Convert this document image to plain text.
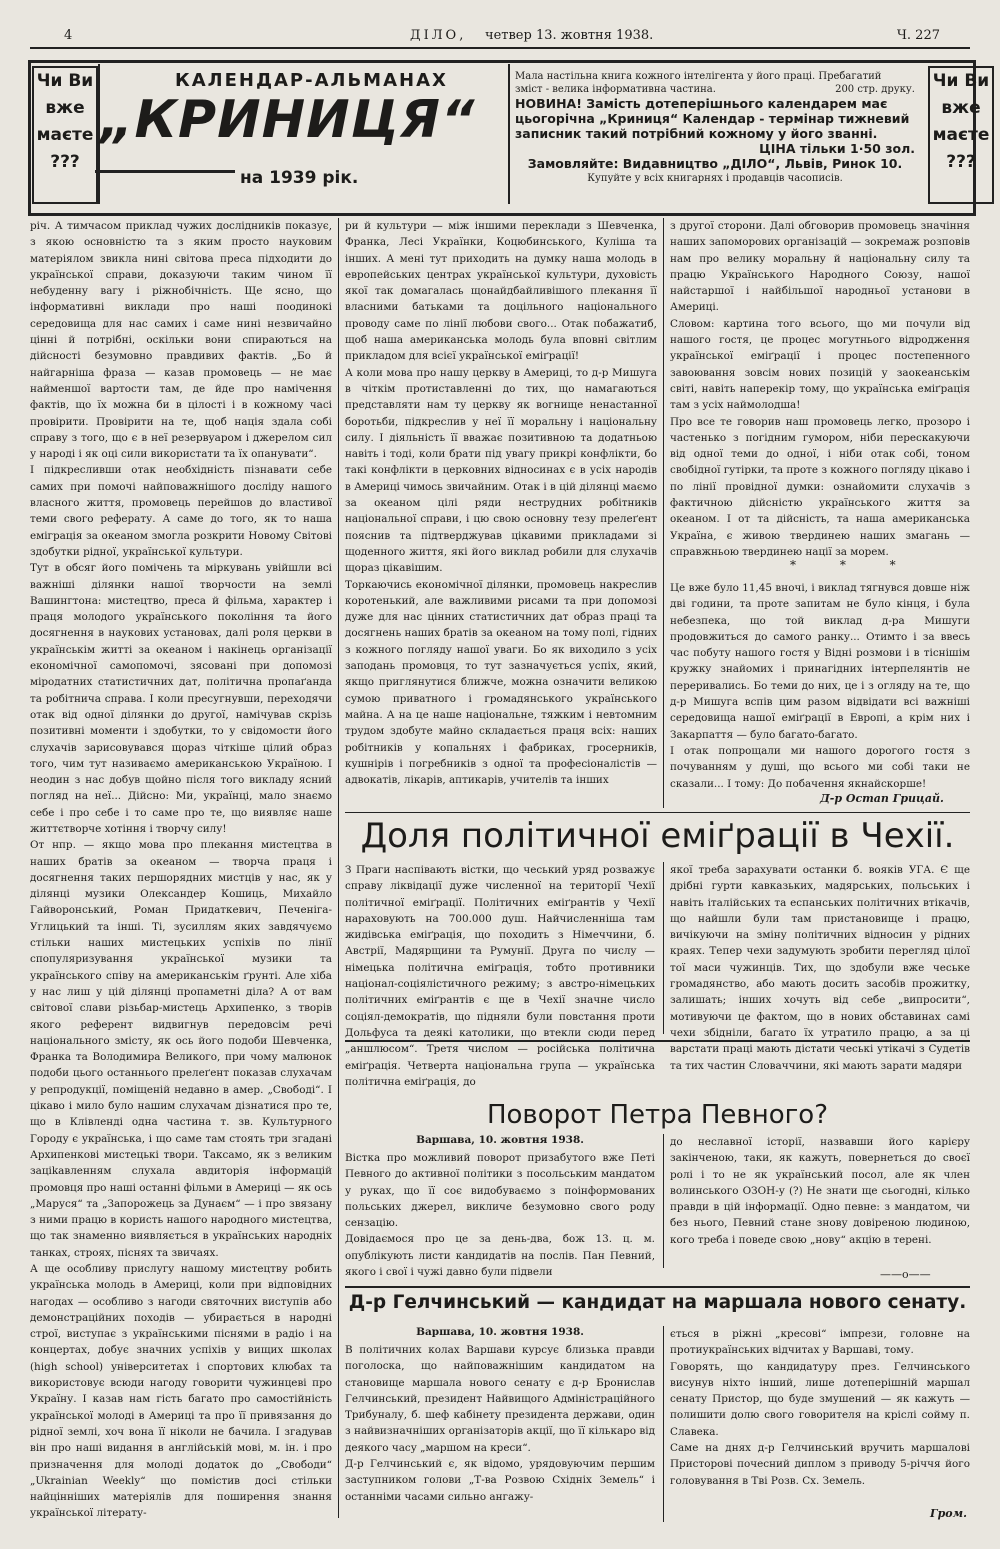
4	ДІЛО, четвер 13. жовтня 1938.	Ч. 227
Чи Ви
вже
маєте
???
КАЛЕНДАР-АЛЬМАНАХ
„КРИНИЦЯ“
на 1939 рік.
Мала настільна книга кожного інтелігента у його праці. Пребагатий
зміст - велика інформативна частина.	200 стр. друку.
НОВИНА! Замість дотеперішнього календарем має цьогорічна „Криниця“ Календар - термінар тижневий записник такий потрібний кожному у його званні.
ЦІНА тільки 1·50 зол.
Замовляйте: Видавництво „ДІЛО“, Львів, Ринок 10.
Купуйте у всіх книгарнях і продавців часописів.
Чи Ви
вже
маєте
???
річ. А тимчасом приклад чужих дослідників показує, з якою основністю та з яким просто науковим матеріялом звикла нині світова преса підходити до української справи, доказуючи таким чином її небуденну вагу і ріжнобічність. Ще ясно, що інформативні виклади про наші поодинокі середовища для нас самих і саме нині незвичайно цінні й потрібні, оскільки вони спираються на дійсності безумовно правдивих фактів. „Бо й найгарніша фраза — казав промовець — не має найменшої вартости там, де йде про намічення фактів, що їх можна би в цілості і в кожному часі провірити. Провірити на те, щоб нація здала собі справу з того, що є в неї резервуаром і джерелом сил у народі і як оці сили використати та їх опанувати“.
І підкресливши отак необхідність пізнавати себе самих при помочі найповажнішого досліду нашого власного життя, промовець перейшов до властивої теми свого реферату. А саме до того, як то наша еміграція за океаном змогла розкрити Новому Світові здобутки рідної, української культури.
Тут в обсяг його помічень та міркувань увійшли всі важніші ділянки нашої творчости на землі Вашингтона: мистецтво, преса й фільма, характер і праця молодого українського покоління та його досягнення в наукових установах, далі роля церкви в українськім житті за океаном і накінець організації економічної самопомочі, зясовані при допомозі міродатних статистичних дат, політична пропаґанда та робітнича справа. І коли пресугнувши, переходячи отак від одної ділянки до другої, намічував скрізь позитивні моменти і здобутки, то у свідомости його слухачів зарисовувався щораз чіткіше цілий образ того, чим тут називаємо американською Україною. І неодин з нас добув щойно після того викладу ясний погляд на неї... Дійсно: Ми, українці, мало знаємо себе і про себе і то саме про те, що виявляє наше життєтворче хотіння і творчу силу!
От нпр. — якщо мова про плекання мистецтва в наших братів за океаном — творча праця і досягнення таких першорядних мистців у нас, як у ділянці музики Олександер Кошиць, Михайло Гайворонський, Роман Придаткевич, Печеніга-Углицький та інші. Ті, зусиллям яких завдячуємо стільки наших мистецьких успіхів по лінії спопуляризування української музики та українського співу на американськім ґрунті. Але хіба у нас лиш у цій ділянці пропаметні діла? А от вам світової слави різьбар-мистець Архипенко, з творів якого референт видвигнув передовсім речі національного змісту, як ось його подоби Шевченка, Франка та Володимира Великого, при чому малюнок подоби цього останнього прелеґент показав слухачам у репродукції, поміщеній недавно в амер. „Свободі“. І цікаво і мило було нашим слухачам дізнатися про те, що в Клівленді одна частина т. зв. Культурного Городу є українська, і що саме там стоять три згадані Архипенкові мистецькі твори. Таксамо, як з великим заціkавленням слухала авдиторія інформацій промовця про наші останні фільми в Америці — як ось „Маруся“ та „Запорожець за Дунаєм“ — і про звязану з ними працю в користь нашого народного мистецтва, що так знаменно виявляється в українських народніх танках, строях, піснях та звичаях.
А ще особливу прислугу нашому мистецтву робить українська молодь в Америці, коли при відповідних нагодах — особливо з нагоди святочних виступів або демонстраційних походів — убирається в народні строї, виступає з українськими піснями в радіо і на концертах, добує значних успіхів у вищих школах (high school) університетах і спортових клюбах та використовує всюди нагоду говорити чужинцеві про Україну. І казав нам гість багато про самостійність української молоді в Америці та про її привязання до рідної землі, хоч вона її ніколи не бачила. І згадував він про наші видання в англійській мові, м. ін. і про призначення для молоді додаток до „Свободи“ „Ukrainian Weekly“ що помістив досі стільки найцінніших матеріялів для поширення знання української літерату-
ри й культури — між іншими переклади з Шевченка, Франка, Лесі Українки, Коцюбинського, Куліша та інших. А мені тут приходить на думку наша молодь в европейських центрах української культури, духовість якої так домагалась щонайдбайливішого плекання її власними батьками та доцільного національного проводу саме по лінії любови свого... Отак побажатиб, щоб наша американська молодь була вповні світлим прикладом для всієї української еміґрації!
А коли мова про нашу церкву в Америці, то д-р Мишуга в чіткім протиставленні до тих, що намагаються представляти нам ту церкву як вогнище ненастанної боротьби, підкреслив у неї її моральну і національну силу. І діяльність її вважає позитивною та додатньою навіть і тоді, коли брати під увагу прикрі конфлікти, бо такі конфлікти в церковних відносинах є в усіх народів в Америці чимось звичайним. Отак і в цій ділянці маємо за океаном цілі ряди неструдних робітників національної справи, і цю свою основну тезу прелеґент пояснив та підтверджував цікавими прикладами зі щоденного життя, які його виклад робили для слухачів щораз цікавішим.
Торкаючись економічної ділянки, промовець накреслив коротенький, але важливими рисами та при допомозі дуже для нас цінних статистичних дат образ праці та досягнень наших братів за океаном на тому полі, гідних з кожного погляду нашої уваги. Бо як виходило з усіх заподань промовця, то тут зазначується успіх, який, якщо приглянутися ближче, можна означити великою сумою приватного і громадянського українського майна. А на це наше національне, тяжким і невтомним трудом здобуте майно складається праця всіх: наших робітників у копальнях і фабриках, гросерників, кушнірів і погребників з одної та професіоналістів — адвокатів, лікарів, аптикарів, учителів та інших
з другої сторони. Далі обговорив промовець значіння наших запоморових організацій — зокремаж розповів нам про велику моральну й національну силу та працю Українського Народного Союзу, нашої найстаршої і найбільшої народньої установи в Америці.
Словом: картина того всього, що ми почули від нашого гостя, це процес могутнього відродження української еміґрації і процес постепенного завоювання зовсім нових позицій у заокеанськім світі, навіть наперекір тому, що українська еміґрація там з усіх наймолодша!
Про все те говорив наш промовець легко, прозоро і частенько з погідним гумором, ніби перескакуючи від одної теми до одної, і ніби отак собі, тоном свобідної гутірки, та проте з кожного погляду цікаво і по лінії провідної думки: ознайомити слухачів з фактичною дійсністю українського життя за океаном. І от та дійсність, та наша американська Україна, є живою твердинею наших змагань — справжньою твердинею нації за морем.
* * *
Це вже було 11,45 вночі, і виклад тягнувся довше ніж дві години, та проте запитам не було кінця, і була небезпека, що той виклад д-ра Мишуги продовжиться до самого ранку... Отимто і за ввесь час побуту нашого гостя у Відні розмови і в тіснішім кружку знайомих і принагідних інтерпелянтів не переривались. Бо теми до них, це і з огляду на те, що д-р Мишуга вспів цим разом відвідати всі важніші середовища нашої еміґрації в Европі, а крім них і Закарпаття — було багато-багато.
І отак попрощали ми нашого дорогого гостя з почуванням у душі, що всього ми собі таки не сказали... І тому: До побачення якнайскорше!
Д-р Остап Грицай.
Доля політичної еміґрації в Чехії.
З Праги наспівають вістки, що чеський уряд розважує справу ліквідації дуже численної на території Чехії політичної еміґрації. Політичних еміґрантів у Чехії нараховують на 700.000 душ. Найчисленніша там жидівська еміґрація, що походить з Німеччини, б. Австрії, Мадярщини та Румунії. Друга по числу — німецька політична еміґрація, тобто противники націонал-соціялістичного режиму; з австро-німецьких політичних еміґрантів є ще в Чехії значне число соціял-демократів, що підняли були повстання проти Дольфуса та деякі католики, що втекли сюди перед „аншлюсом“. Третя числом — російська політична еміґрація. Четверта національна група — українська політична еміґрація, до
якої треба зарахувати останки б. вояків УГА. Є ще дрібні гурти кавказьких, мадярських, польських і навіть італійських та еспанських політичних втікачів, що найшли були там пристановище і працю, вичікуючи на зміну політичних відносин у рідних краях. Тепер чехи задумують зробити перегляд цілої тої маси чужинців. Тих, що здобули вже чеське громадянство, або мають досить засобів прожитку, залишать; інших хочуть від себе „випросити“, мотивуючи це фактом, що в нових обставинах самі чехи збідніли, багато їх утратило працю, а за ці варстати праці мають дістати чеські утікачі з Судетів та тих частин Словаччини, які мають зарати мадяри
Поворот Петра Певного?
Варшава, 10. жовтня 1938.
Вістка про можливий поворот призабутого вже Петі Певного до активної політики з посольським мандатом у руках, що її соє видобуваємо з поінформованих польських джерел, викличе безумовно свого роду сензацію.
Довідаємося про це за день-два, бож 13. ц. м. опублікують листи кандидатів на послів. Пан Певний, якого і свої і чужі давно були підвели
до неславної історії, назвавши його карієру закінченою, таки, як кажуть, повернеться до своєї ролі і то не як український посол, але як член волинського ОЗОН-у (?) Не знати ще сьогодні, кілько правди в цій інформації. Одно певне: з мандатом, чи без нього, Певний стане знову довіреною людиною, кого треба і поведе свою „нову“ акцію в терені.
——o——
Д-р Гелчинський — кандидат на маршала нового сенату.
Варшава, 10. жовтня 1938.
В політичних колах Варшави курсує близька правди поголоска, що найповажнішим кандидатом на становище маршала нового сенату є д-р Бронислав Гелчинський, президент Найвищого Адміністраційного Трибуналу, б. шеф кабінету президента держави, один з найвизначніших організаторів акції, що її кількаро від деякого часу „маршом на креси“.
Д-р Гелчинський є, як відомо, урядовуючим першим заступником голови „Т-ва Розвою Східніх Земель“ і останніми часами сильно ангажу-
ється в ріжні „кресові“ імпрези, головне на протиукраїнських відчитах у Варшаві, тому.
Говорять, що кандидатуру през. Гелчинського висунув ніхто інший, лише дотеперішній маршал сенату Пристор, що буде змушений — як кажуть — полишити долю свого говорителя на кріслі сойму п. Славека.
Саме на днях д-р Гелчинський вручить маршалові Присторові почесний диплом з приводу 5-річчя його головування в Тві Розв. Сх. Земель.
Гром.
